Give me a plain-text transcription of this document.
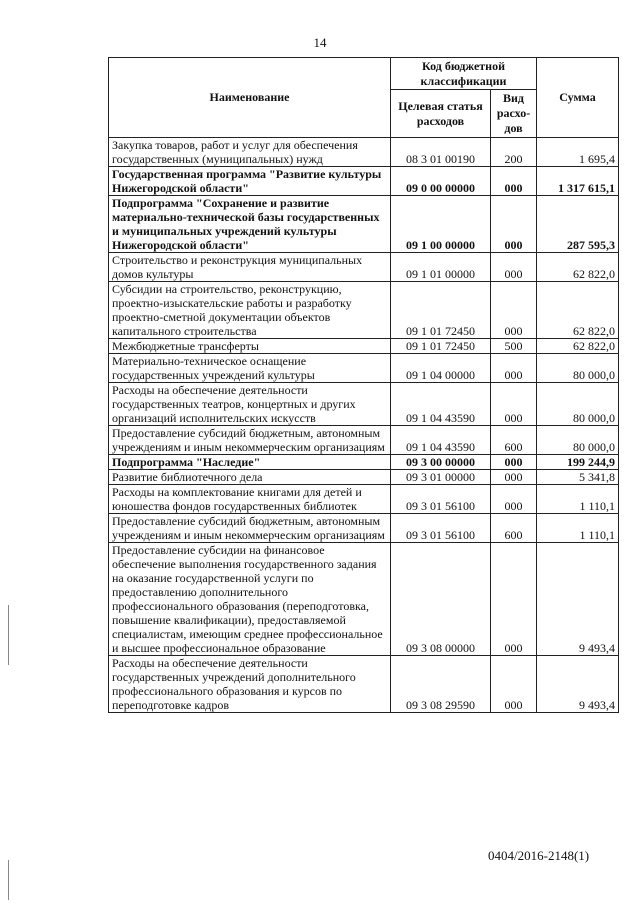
14
Наименование	Код бюджетной классификации		Сумма
	Целевая статья расходов	Вид расхо-дов	
Закупка товаров, работ и услуг для обеспечения государственных (муниципальных) нужд	08 3 01 00190	200	1 695,4
Государственная программа "Развитие культуры Нижегородской области"	09 0 00 00000	000	1 317 615,1
Подпрограмма "Сохранение и развитие материально-технической базы государственных и муниципальных учреждений культуры Нижегородской области"	09 1 00 00000	000	287 595,3
Строительство и реконструкция муниципальных домов культуры	09 1 01 00000	000	62 822,0
Субсидии на строительство, реконструкцию, проектно-изыскательские работы и разработку проектно-сметной документации объектов капитального строительства	09 1 01 72450	000	62 822,0
Межбюджетные трансферты	09 1 01 72450	500	62 822,0
Материально-техническое оснащение государственных учреждений культуры	09 1 04 00000	000	80 000,0
Расходы на обеспечение деятельности государственных театров, концертных и других организаций исполнительских искусств	09 1 04 43590	000	80 000,0
Предоставление субсидий бюджетным, автономным учреждениям и иным некоммерческим организациям	09 1 04 43590	600	80 000,0
Подпрограмма "Наследие"	09 3 00 00000	000	199 244,9
Развитие библиотечного дела	09 3 01 00000	000	5 341,8
Расходы на комплектование книгами для детей и юношества фондов государственных библиотек	09 3 01 56100	000	1 110,1
Предоставление субсидий бюджетным, автономным учреждениям и иным некоммерческим организациям	09 3 01 56100	600	1 110,1
Предоставление субсидии на финансовое обеспечение выполнения государственного задания на оказание государственной услуги по предоставлению дополнительного профессионального образования (переподготовка, повышение квалификации), предоставляемой специалистам, имеющим среднее профессиональное и высшее профессиональное образование	09 3 08 00000	000	9 493,4
Расходы на обеспечение деятельности государственных учреждений дополнительного профессионального образования и курсов по переподготовке кадров	09 3 08 29590	000	9 493,4
0404/2016-2148(1)
